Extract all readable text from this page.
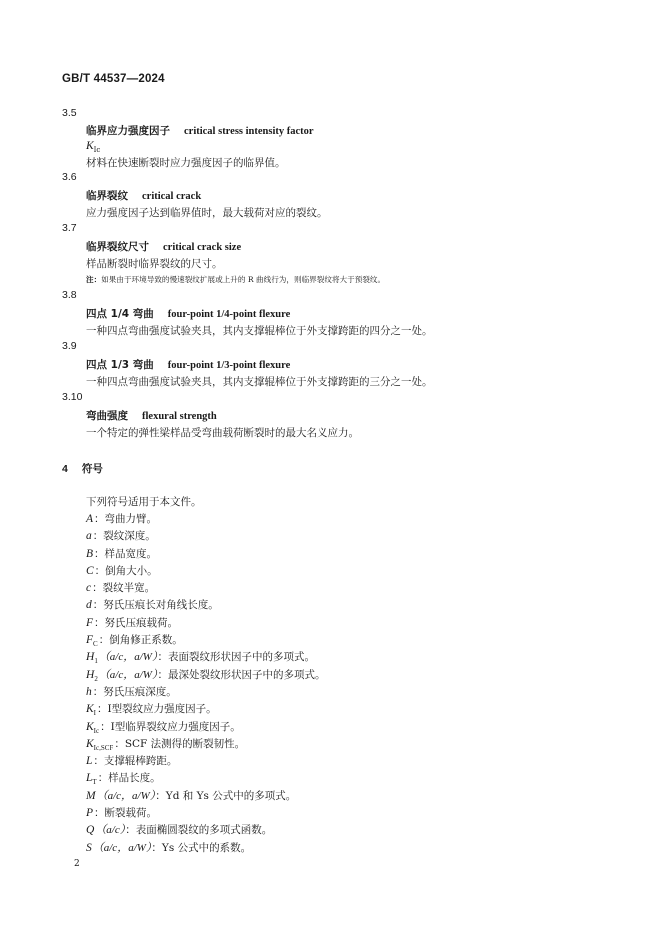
GB/T 44537—2024
3.5
临界应力强度因子 critical stress intensity factor
$K_{Ic}$
材料在快速断裂时应力强度因子的临界值。
3.6
临界裂纹 critical crack
应力强度因子达到临界值时，最大载荷对应的裂纹。
3.7
临界裂纹尺寸 critical crack size
样品断裂时临界裂纹的尺寸。
注：如果由于环境导致的慢速裂纹扩展或上升的 R 曲线行为，则临界裂纹将大于预裂纹。
3.8
四点 1/4 弯曲 four-point 1/4-point flexure
一种四点弯曲强度试验夹具，其内支撑辊棒位于外支撑跨距的四分之一处。
3.9
四点 1/3 弯曲 four-point 1/3-point flexure
一种四点弯曲强度试验夹具，其内支撑辊棒位于外支撑跨距的三分之一处。
3.10
弯曲强度 flexural strength
一个特定的弹性梁样品受弯曲载荷断裂时的最大名义应力。
4 符号
下列符号适用于本文件。
A：弯曲力臂。
a：裂纹深度。
B：样品宽度。
C：倒角大小。
c：裂纹半宽。
d：努氏压痕长对角线长度。
F：努氏压痕载荷。
$F_C$：倒角修正系数。
$H_1(a/c$，a/W）：表面裂纹形状因子中的多项式。
$H_2(a/c$，a/W）：最深处裂纹形状因子中的多项式。
h：努氏压痕深度。
$K_I$：Ⅰ型裂纹应力强度因子。
$K_{Ic}$：Ⅰ型临界裂纹应力强度因子。
$K_{Ic,SCF}$：SCF 法测得的断裂韧性。
L：支撑辊棒跨距。
$L_T$：样品长度。
M（a/c，a/W）：Yd 和 Ys 公式中的多项式。
P：断裂载荷。
Q（a/c）：表面椭圆裂纹的多项式函数。
S（a/c，a/W）：Ys 公式中的系数。
2
